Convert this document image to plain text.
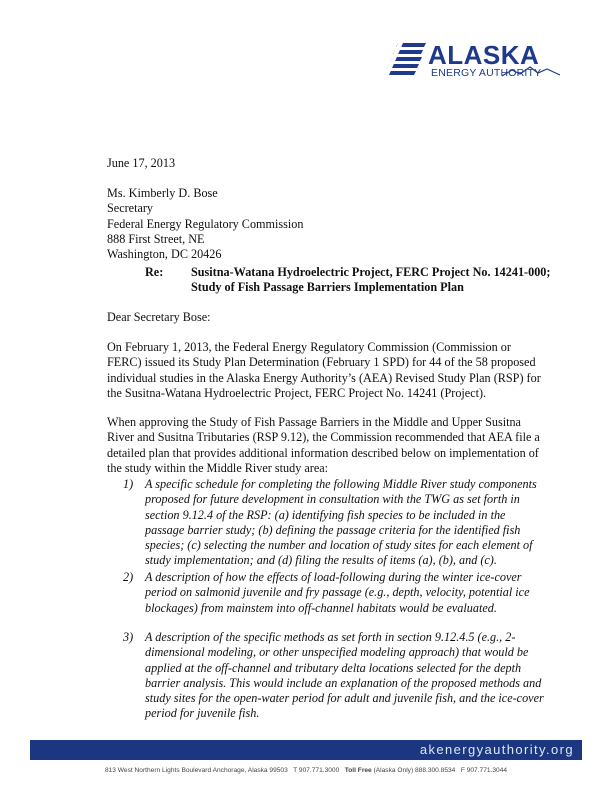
ALASKA
ENERGY AUTHORITY
June 17, 2013
Ms. Kimberly D. Bose
Secretary
Federal Energy Regulatory Commission
888 First Street, NE
Washington, DC 20426
Re: Susitna-Watana Hydroelectric Project, FERC Project No. 14241-000;
Study of Fish Passage Barriers Implementation Plan
Dear Secretary Bose:
On February 1, 2013, the Federal Energy Regulatory Commission (Commission or
FERC) issued its Study Plan Determination (February 1 SPD) for 44 of the 58 proposed
individual studies in the Alaska Energy Authority’s (AEA) Revised Study Plan (RSP) for
the Susitna-Watana Hydroelectric Project, FERC Project No. 14241 (Project).
When approving the Study of Fish Passage Barriers in the Middle and Upper Susitna
River and Susitna Tributaries (RSP 9.12), the Commission recommended that AEA file a
detailed plan that provides additional information described below on implementation of
the study within the Middle River study area:
1) A specific schedule for completing the following Middle River study components
proposed for future development in consultation with the TWG as set forth in
section 9.12.4 of the RSP: (a) identifying fish species to be included in the
passage barrier study; (b) defining the passage criteria for the identified fish
species; (c) selecting the number and location of study sites for each element of
study implementation; and (d) filing the results of items (a), (b), and (c).
2) A description of how the effects of load-following during the winter ice-cover
period on salmonid juvenile and fry passage (e.g., depth, velocity, potential ice
blockages) from mainstem into off-channel habitats would be evaluated.
3) A description of the specific methods as set forth in section 9.12.4.5 (e.g., 2-
dimensional modeling, or other unspecified modeling approach) that would be
applied at the off-channel and tributary delta locations selected for the depth
barrier analysis. This would include an explanation of the proposed methods and
study sites for the open-water period for adult and juvenile fish, and the ice-cover
period for juvenile fish.
akenergyauthority.org
813 West Northern Lights Boulevard Anchorage, Alaska 99503 T 907.771.3000 Toll Free (Alaska Only) 888.300.8534 F 907.771.3044
